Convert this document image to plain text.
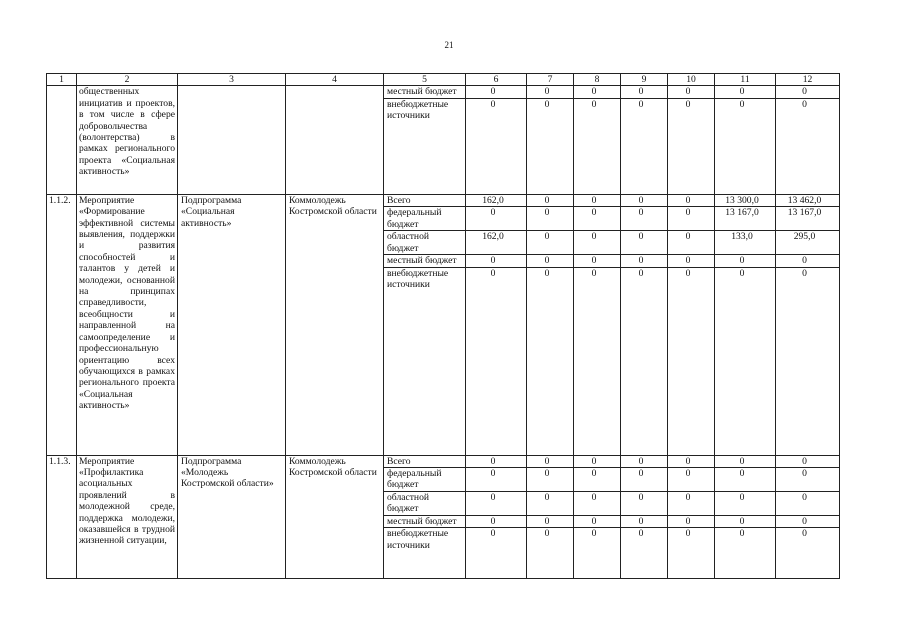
21
1	2	3	4	5	6	7	8	9	10	11	12
	общественных инициатив и проектов, в том числе в сфере добровольчества (волонтерства) в рамках регионального проекта «Социальная активность»			местный бюджет	0	0	0	0	0	0	0
				внебюджетные источники	0	0	0	0	0	0	0
1.1.2.	Мероприятие «Формирование эффективной системы выявления, поддержки и развития способностей и талантов у детей и молодежи, основанной на принципах справедливости, всеобщности и направленной на самоопределение и профессиональную ориентацию всех обучающихся в рамках регионального проекта «Социальная активность»	Подпрограмма «Социальная активность»	Коммолодежь Костромской области	Всего	162,0	0	0	0	0	13 300,0	13 462,0
				федеральный бюджет	0	0	0	0	0	13 167,0	13 167,0
				областной бюджет	162,0	0	0	0	0	133,0	295,0
				местный бюджет	0	0	0	0	0	0	0
				внебюджетные источники	0	0	0	0	0	0	0
1.1.3.	Мероприятие «Профилактика асоциальных проявлений в молодежной среде, поддержка молодежи, оказавшейся в трудной жизненной ситуации,	Подпрограмма «Молодежь Костромской области»	Коммолодежь Костромской области	Всего	0	0	0	0	0	0	0
				федеральный бюджет	0	0	0	0	0	0	0
				областной бюджет	0	0	0	0	0	0	0
				местный бюджет	0	0	0	0	0	0	0
				внебюджетные источники	0	0	0	0	0	0	0
